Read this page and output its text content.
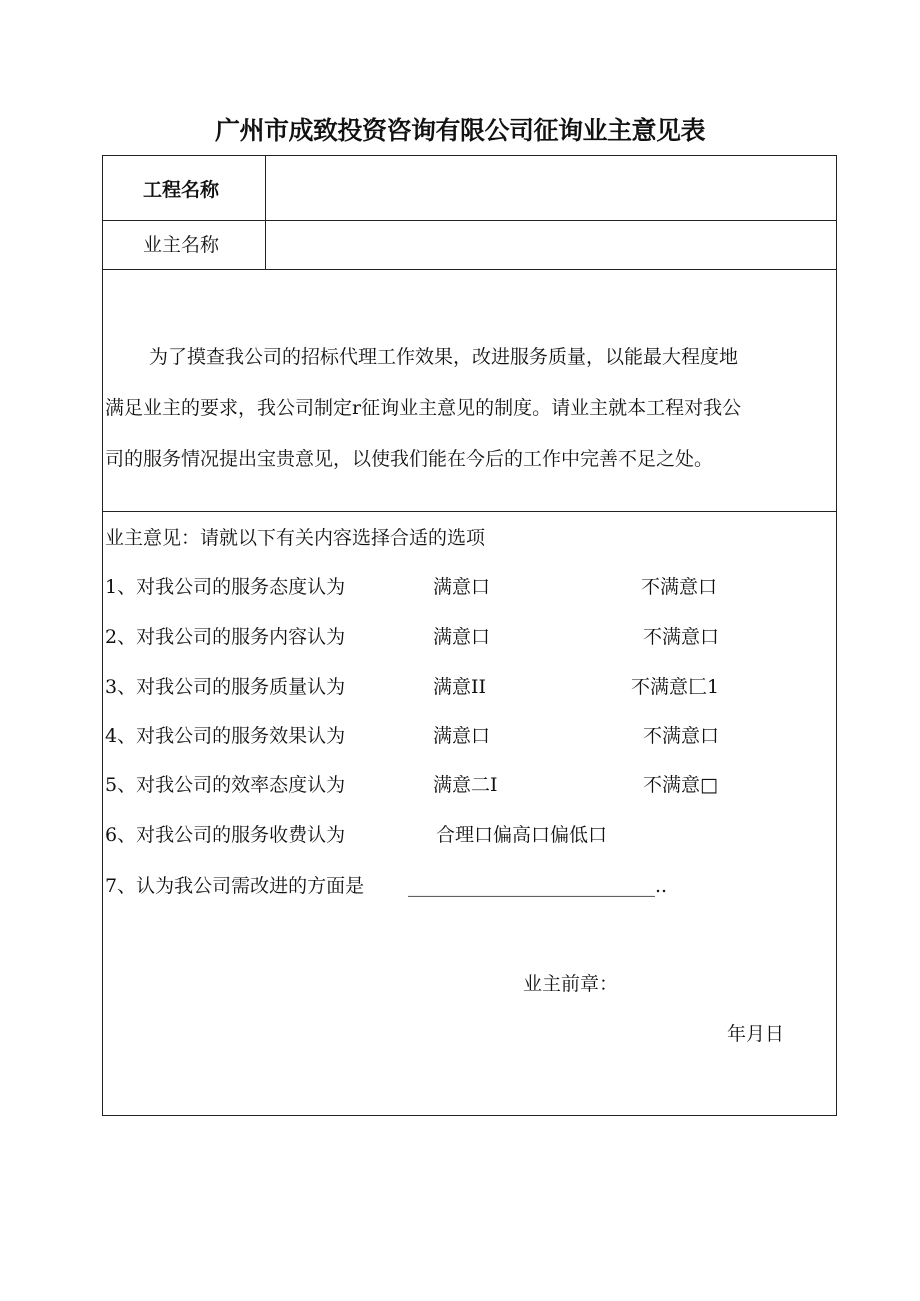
广州市成致投资咨询有限公司征询业主意见表
工程名称
业主名称
为了摸查我公司的招标代理工作效果，改进服务质量，以能最大程度地
满足业主的要求，我公司制定r征询业主意见的制度。请业主就本工程对我公
司的服务情况提出宝贵意见，以使我们能在今后的工作中完善不足之处。
业主意见：请就以下有关内容选择合适的选项
1、对我公司的服务态度认为	满意口	不满意口
2、对我公司的服务内容认为	满意口	不满意口
3、对我公司的服务质量认为	满意II	不满意匚1
4、对我公司的服务效果认为	满意口	不满意口
5、对我公司的效率态度认为	满意二I	不满意□
6、对我公司的服务收费认为	合理口偏高口偏低口
7、认为我公司需改进的方面是 __________________________..
业主前章：
年月日
